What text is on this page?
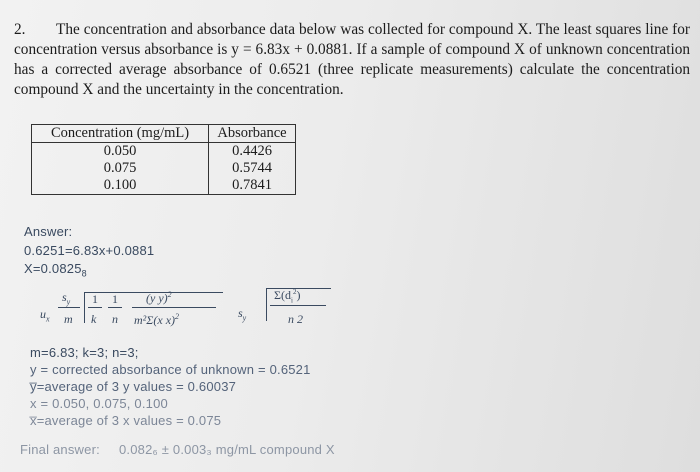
2. The concentration and absorbance data below was collected for compound X. The least squares line for concentration versus absorbance is y = 6.83x + 0.0881. If a sample of compound X of unknown concentration has a corrected average absorbance of 0.6521 (three replicate measurements) calculate the concentration compound X and the uncertainty in the concentration.
Concentration (mg/mL)	Absorbance
0.050	0.4426
0.075	0.5744
0.100	0.7841
Answer:
0.6251=6.83x+0.0881
$X=0.0825_8$
$u_x$
$s_y$
m
1
k
1
n
(y y)$^2$
m²Σ(x x)$^2$	$s_y$
$\Sigma(d_i^2)$
n 2
m=6.83; k=3; n=3;
y = corrected absorbance of unknown = 0.6521
y̅=average of 3 y values = 0.60037
x = 0.050, 0.075, 0.100
x̅=average of 3 x values = 0.075
Final answer:     0.082₆ ± 0.003₃ mg/mL compound X
